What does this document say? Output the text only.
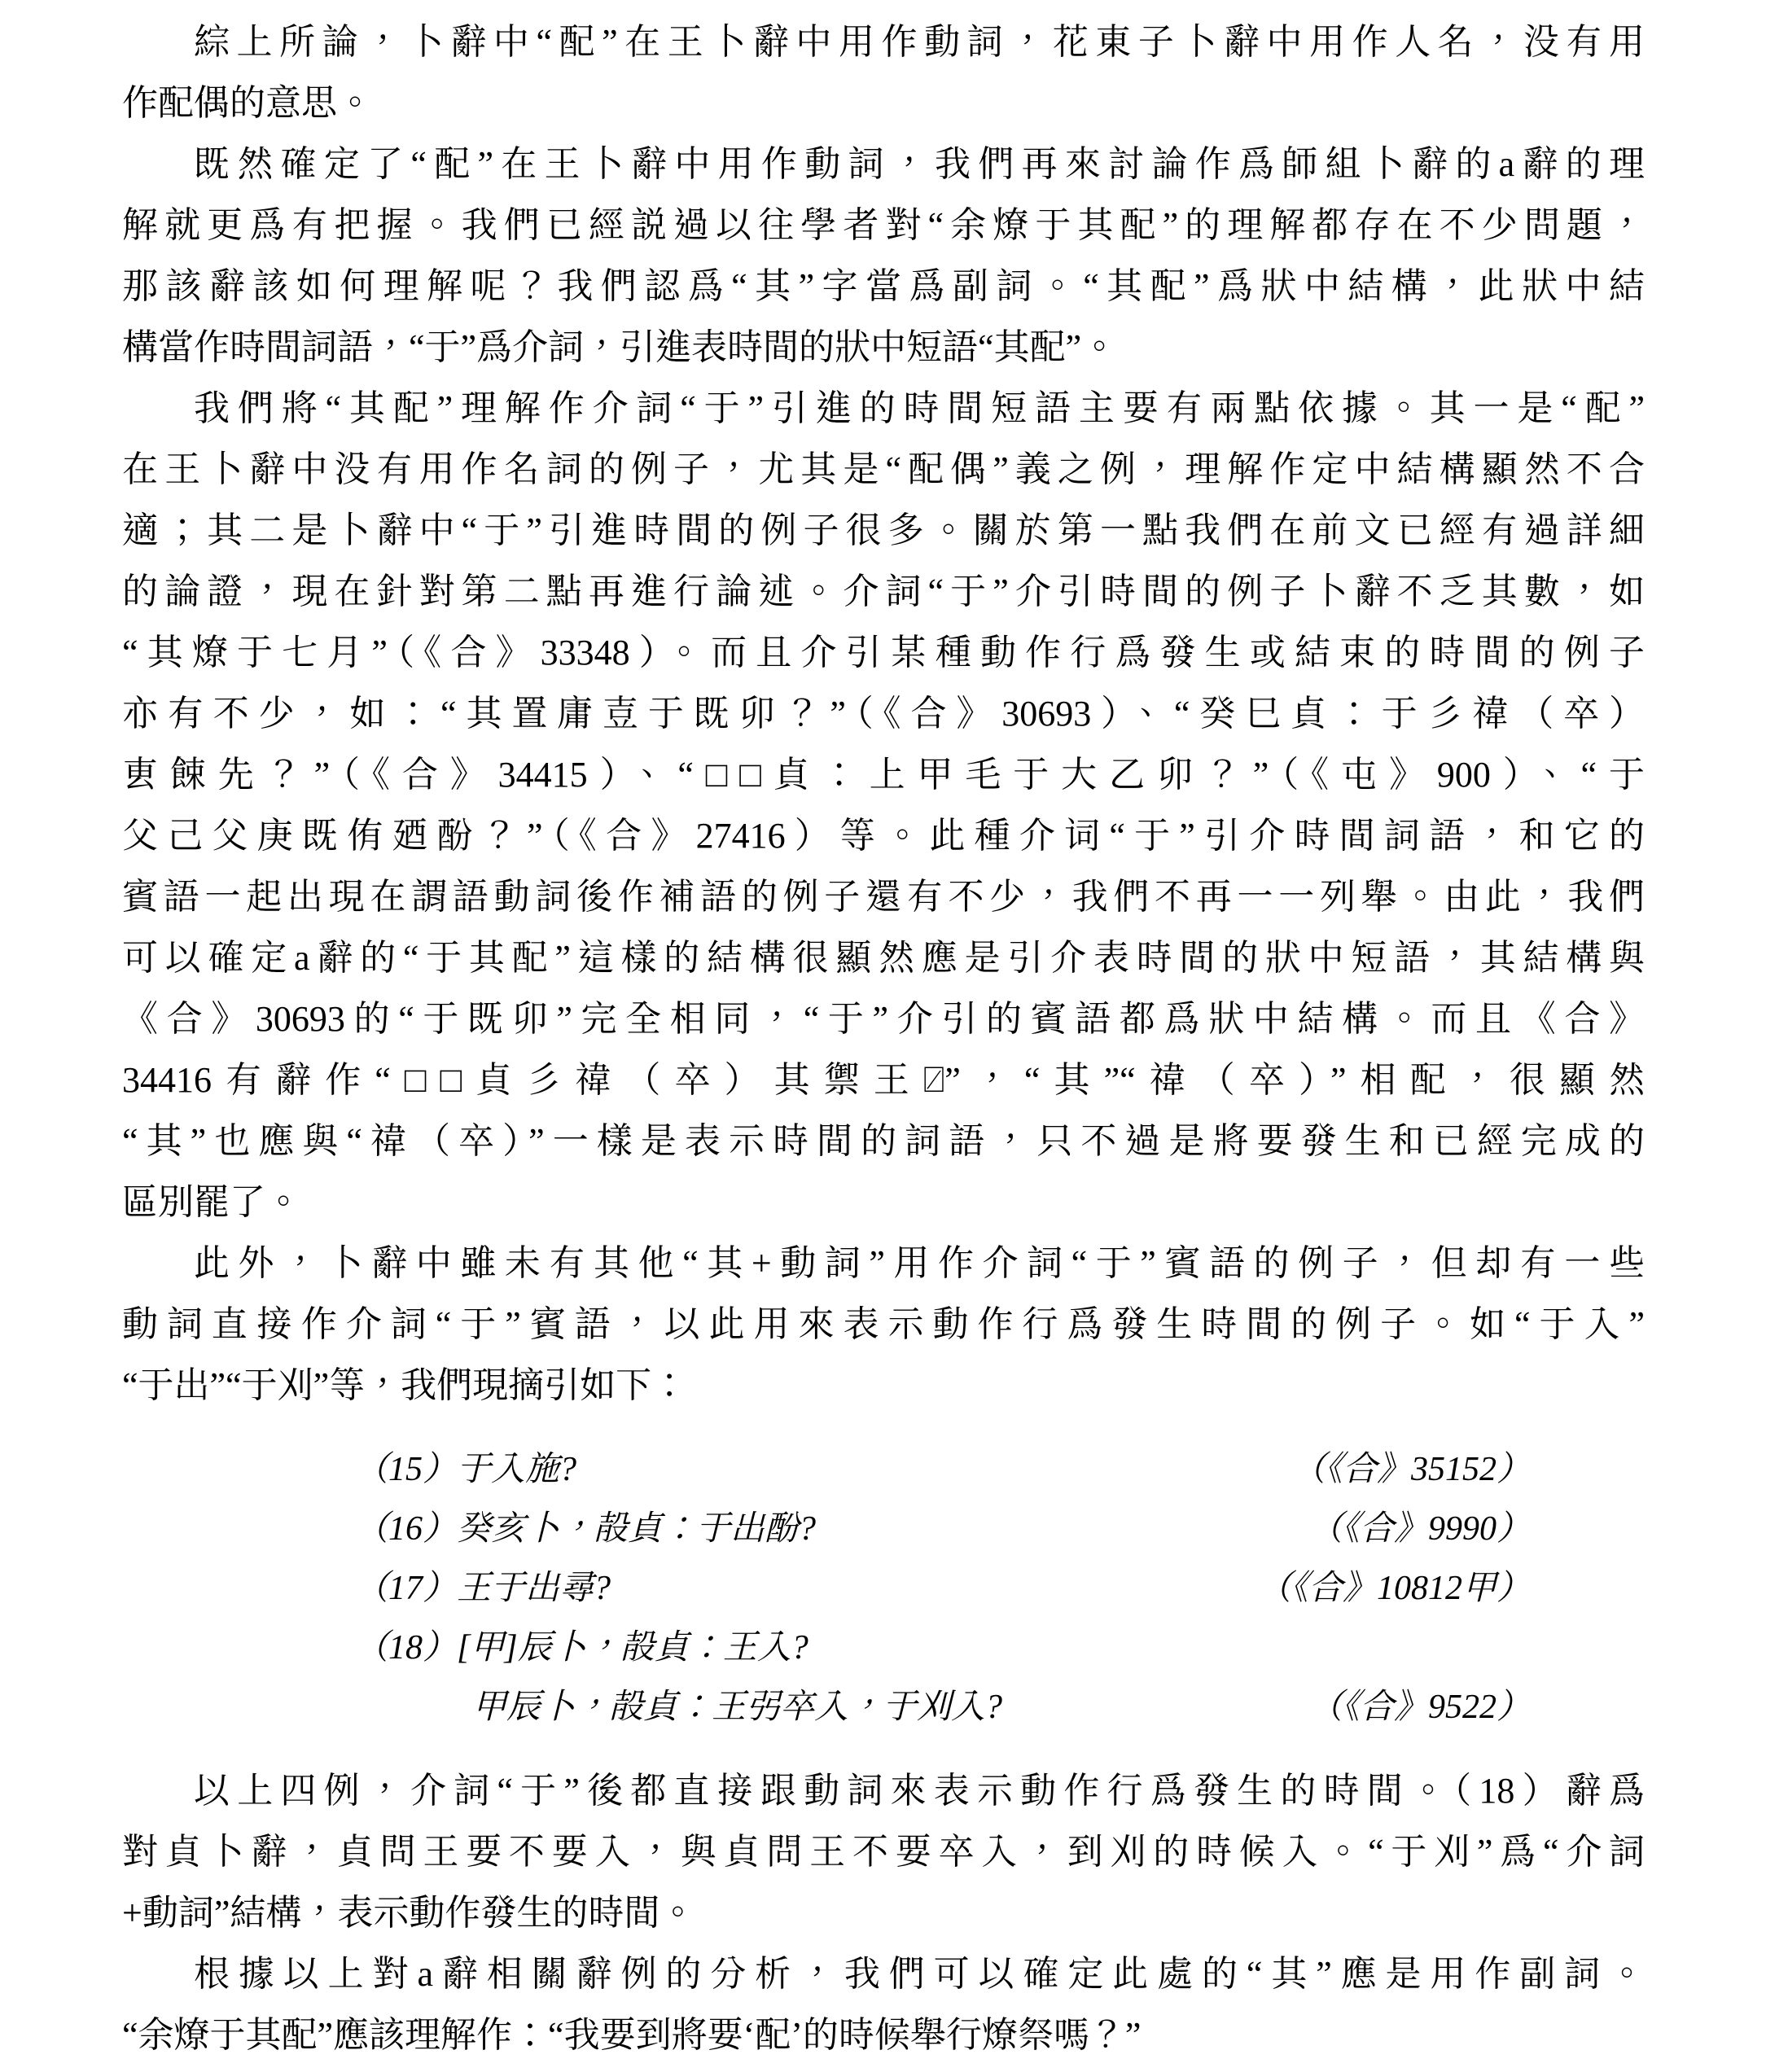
綜上所論，卜辭中“配”在王卜辭中用作動詞，花東子卜辭中用作人名，没有用
作配偶的意思。
既然確定了“配”在王卜辭中用作動詞，我們再來討論作爲師組卜辭的a辭的理
解就更爲有把握。我們已經説過以往學者對“余燎于其配”的理解都存在不少問題，
那該辭該如何理解呢？我們認爲“其”字當爲副詞。“其配”爲狀中結構，此狀中結
構當作時間詞語，“于”爲介詞，引進表時間的狀中短語“其配”。
我們將“其配”理解作介詞“于”引進的時間短語主要有兩點依據。其一是“配”
在王卜辭中没有用作名詞的例子，尤其是“配偶”義之例，理解作定中結構顯然不合
適；其二是卜辭中“于”引進時間的例子很多。關於第一點我們在前文已經有過詳細
的論證，現在針對第二點再進行論述。介詞“于”介引時間的例子卜辭不乏其數，如
“其燎于七月”（《合》33348）。而且介引某種動作行爲發生或結束的時間的例子
亦有不少，如：“其置庸壴于既卯？”（《合》30693）、“癸巳貞：于彡禕（卒）
叀餗先？”（《合》34415）、“□□貞：上甲毛于大乙卯？”（《屯》900）、“于
父己父庚既侑廼酚？”（《合》27416）等。此種介词“于”引介時間詞語，和它的
賓語一起出現在謂語動詞後作補語的例子還有不少，我們不再一一列舉。由此，我們
可以確定a辭的“于其配”這樣的結構很顯然應是引介表時間的狀中短語，其結構與
《合》30693的“于既卯”完全相同，“于”介引的賓語都爲狀中結構。而且《合》
34416有辭作“□□貞彡禕（卒）其禦王⍁”，“其”“禕（卒）”相配，很顯然
“其”也應與“禕（卒）”一樣是表示時間的詞語，只不過是將要發生和已經完成的
區別罷了。
此外，卜辭中雖未有其他“其+動詞”用作介詞“于”賓語的例子，但却有一些
動詞直接作介詞“于”賓語，以此用來表示動作行爲發生時間的例子。如“于入”
“于出”“于刈”等，我們現摘引如下：
（15）于入施?	（《合》35152）
（16）癸亥卜，㱿貞：于出酚?	（《合》9990）
（17）王于出尋?	（《合》10812甲）
（18）[甲]辰卜，㱿貞：王入?
甲辰卜，㱿貞：王弜卒入，于刈入?	（《合》9522）
以上四例，介詞“于”後都直接跟動詞來表示動作行爲發生的時間。（18）辭爲
對貞卜辭，貞問王要不要入，與貞問王不要卒入，到刈的時候入。“于刈”爲“介詞
+動詞”結構，表示動作發生的時間。
根據以上對a辭相關辭例的分析，我們可以確定此處的“其”應是用作副詞。
“余燎于其配”應該理解作：“我要到將要‘配’的時候舉行燎祭嗎？”
